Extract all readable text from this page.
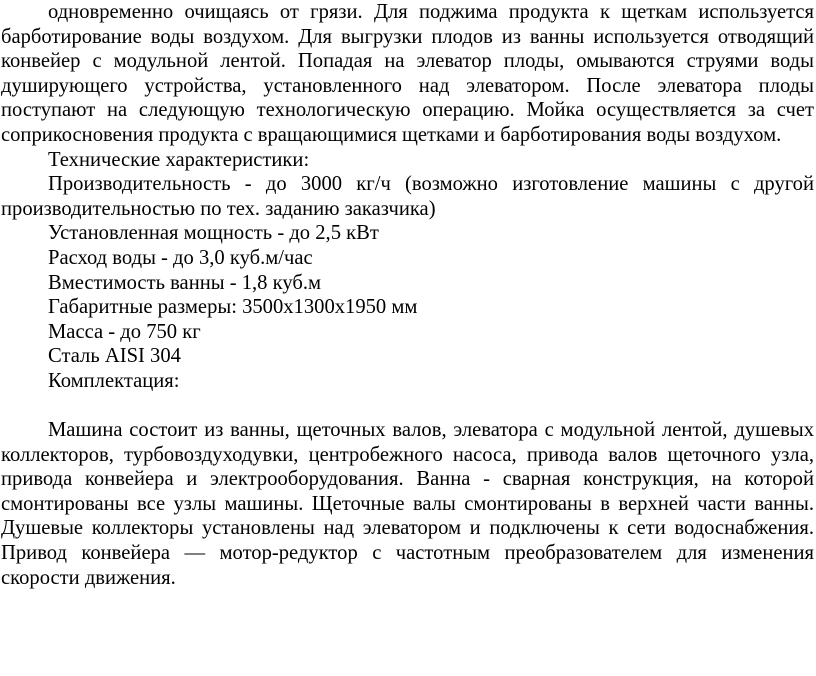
одновременно очищаясь от грязи. Для поджима продукта к щеткам используется барботирование воды воздухом. Для выгрузки плодов из ванны используется отводящий конвейер с модульной лентой. Попадая на элеватор плоды, омываются струями воды душирующего устройства, установленного над элеватором. После элеватора плоды поступают на следующую технологическую операцию. Мойка осуществляется за счет соприкосновения продукта с вращающимися щетками и барботирования воды воздухом.

Технические характеристики:

Производительность - до 3000 кг/ч (возможно изготовление машины с другой производительностью по тех. заданию заказчика)

Установленная мощность - до 2,5 кВт

Расход воды - до 3,0 куб.м/час

Вместимость ванны - 1,8 куб.м

Габаритные размеры: 3500х1300х1950 мм

Масса - до 750 кг

Сталь AISI 304

Комплектация:

Машина состоит из ванны, щеточных валов, элеватора с модульной лентой, душевых коллекторов, турбовоздуходувки, центробежного насоса, привода валов щеточного узла, привода конвейера и электрооборудования. Ванна - сварная конструкция, на которой смонтированы все узлы машины. Щеточные валы смонтированы в верхней части ванны. Душевые коллекторы установлены над элеватором и подключены к сети водоснабжения. Привод конвейера — мотор-редуктор с частотным преобразователем для изменения скорости движения.
